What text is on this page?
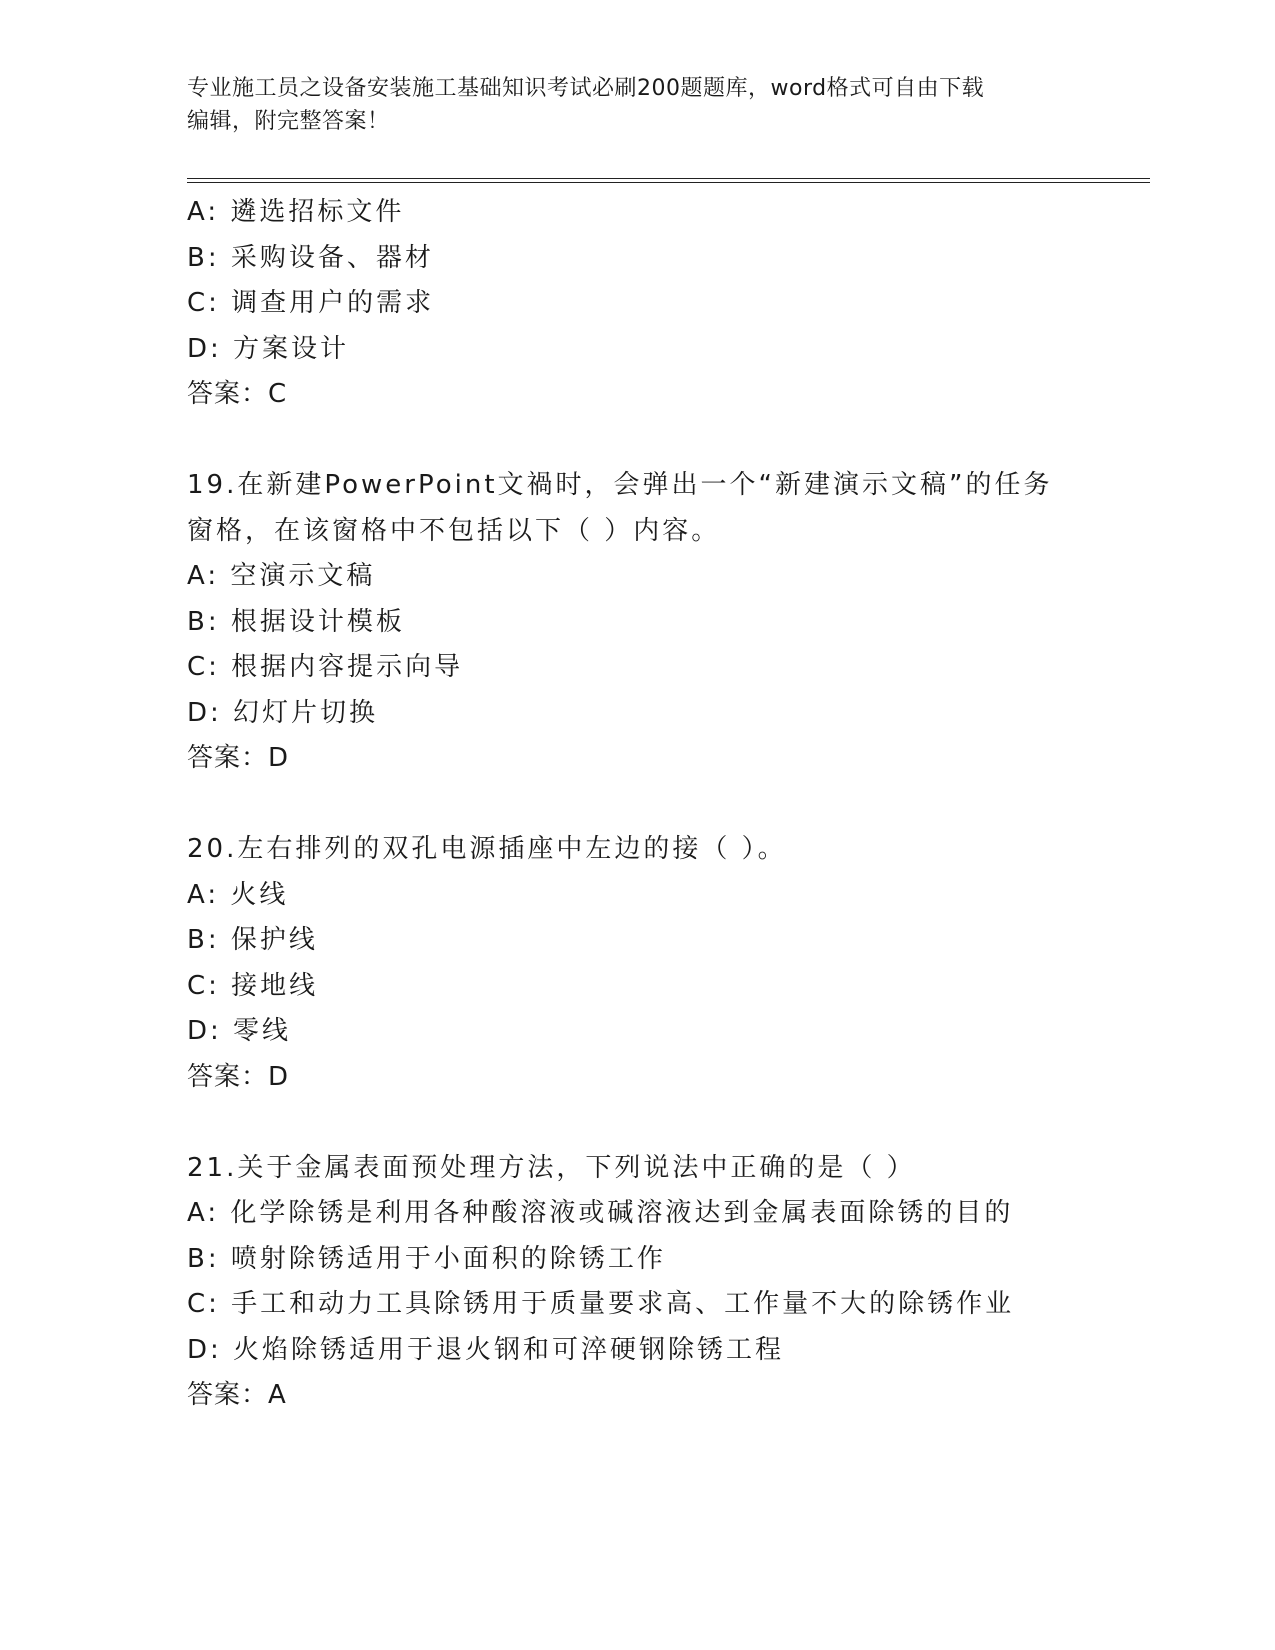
专业施工员之设备安装施工基础知识考试必刷200题题库，word格式可自由下载
编辑，附完整答案！
A: 遴选招标文件
B: 采购设备、器材
C: 调查用户的需求
D: 方案设计
答案：C
19.在新建PowerPoint文禍时，会弹出一个“新建演示文稿”的任务
窗格，在该窗格中不包括以下（ ）内容。
A: 空演示文稿
B: 根据设计模板
C: 根据内容提示向导
D: 幻灯片切换
答案：D
20.左右排列的双孔电源插座中左边的接（ ）。
A: 火线
B: 保护线
C: 接地线
D: 零线
答案：D
21.关于金属表面预处理方法，下列说法中正确的是（ ）
A: 化学除锈是利用各种酸溶液或碱溶液达到金属表面除锈的目的
B: 喷射除锈适用于小面积的除锈工作
C: 手工和动力工具除锈用于质量要求高、工作量不大的除锈作业
D: 火焰除锈适用于退火钢和可淬硬钢除锈工程
答案：A
